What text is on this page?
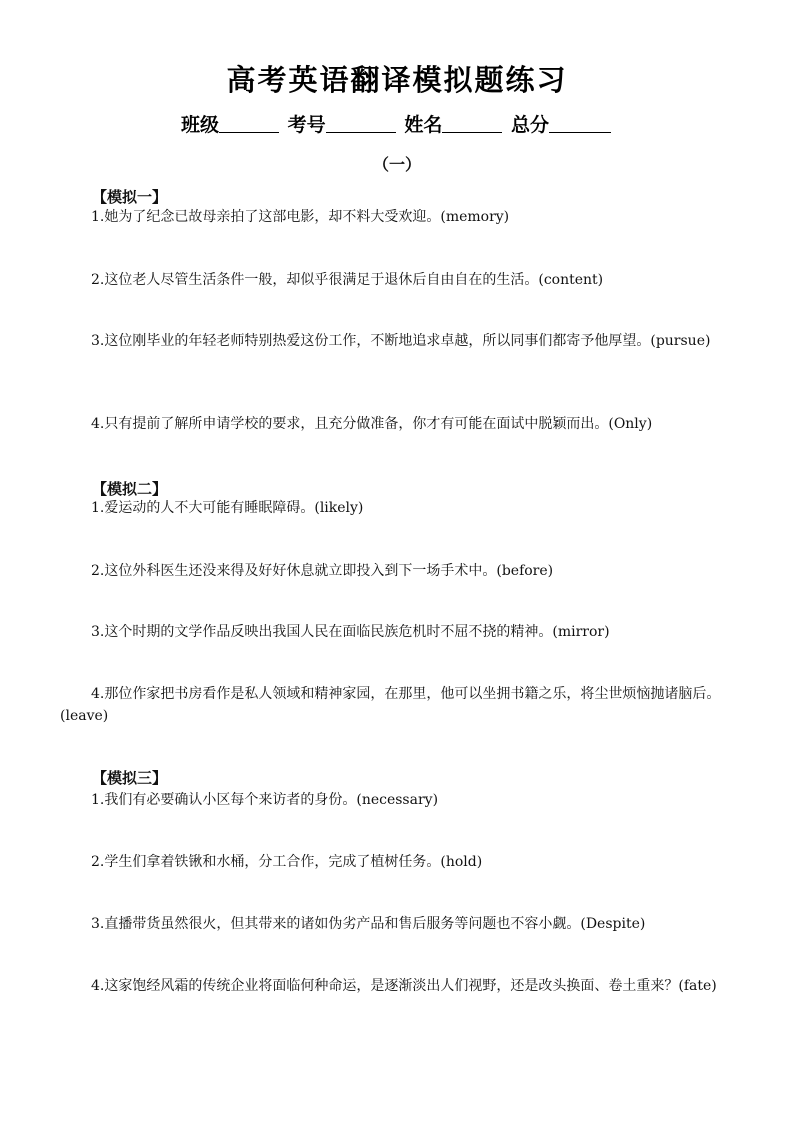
高考英语翻译模拟题练习
班级	考号	姓名	总分
（一）
【模拟一】
1.她为了纪念已故母亲拍了这部电影，却不料大受欢迎。(memory)
2.这位老人尽管生活条件一般，却似乎很满足于退休后自由自在的生活。(content)
3.这位刚毕业的年轻老师特别热爱这份工作，不断地追求卓越，所以同事们都寄予他厚望。(pursue)
4.只有提前了解所申请学校的要求，且充分做准备，你才有可能在面试中脱颖而出。(Only)
【模拟二】
1.爱运动的人不大可能有睡眠障碍。(likely)
2.这位外科医生还没来得及好好休息就立即投入到下一场手术中。(before)
3.这个时期的文学作品反映出我国人民在面临民族危机时不屈不挠的精神。(mirror)
4.那位作家把书房看作是私人领域和精神家园，在那里，他可以坐拥书籍之乐，将尘世烦恼抛诸脑后。(leave)
【模拟三】
1.我们有必要确认小区每个来访者的身份。(necessary)
2.学生们拿着铁锹和水桶，分工合作，完成了植树任务。(hold)
3.直播带货虽然很火，但其带来的诸如伪劣产品和售后服务等问题也不容小觑。(Despite)
4.这家饱经风霜的传统企业将面临何种命运，是逐渐淡出人们视野，还是改头换面、卷土重来？(fate)
